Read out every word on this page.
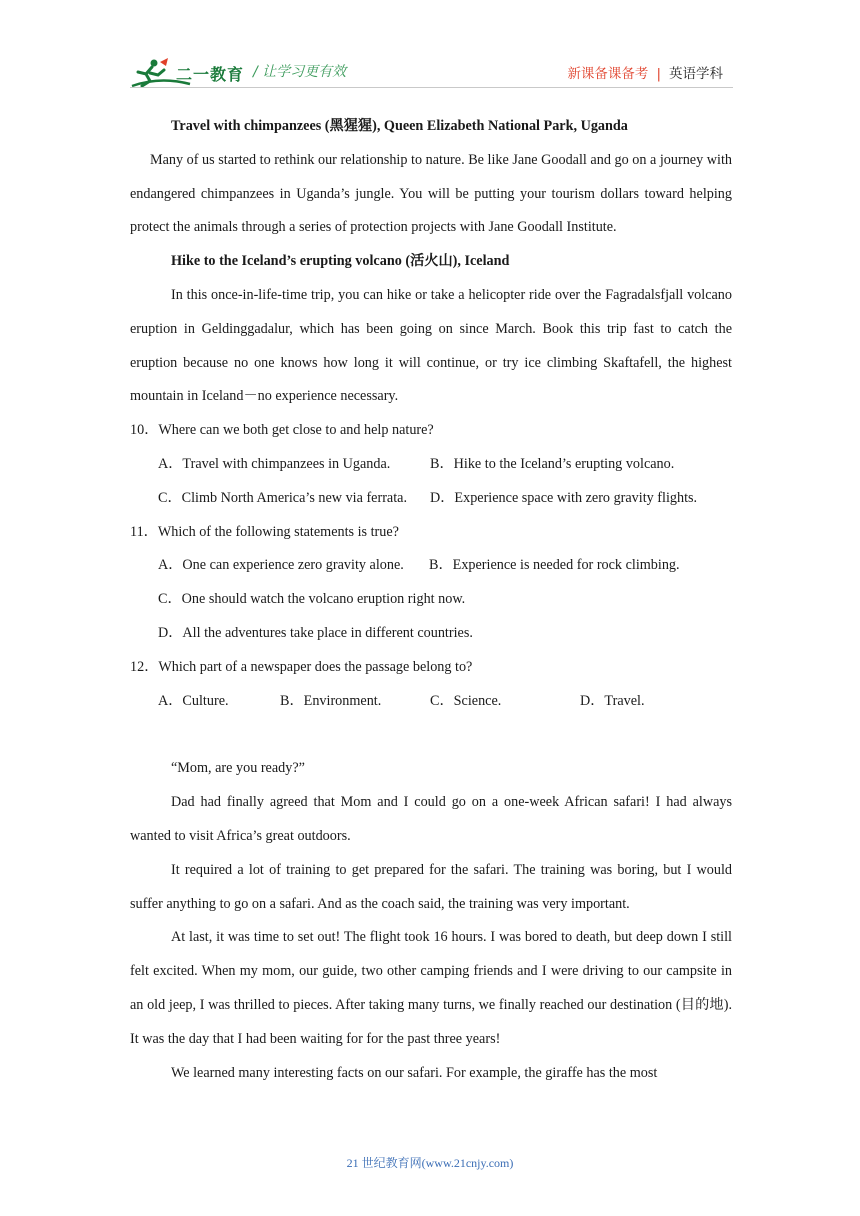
二一教育 / 让学习更有效	新课备课备考 | 英语学科

Travel with chimpanzees (黑猩猩), Queen Elizabeth National Park, Uganda

Many of us started to rethink our relationship to nature. Be like Jane Goodall and go on a journey with endangered chimpanzees in Uganda’s jungle. You will be putting your tourism dollars toward helping protect the animals through a series of protection projects with Jane Goodall Institute.

Hike to the Iceland’s erupting volcano (活火山), Iceland

In this once-in-life-time trip, you can hike or take a helicopter ride over the Fagradalsfjall volcano eruption in Geldinggadalur, which has been going on since March. Book this trip fast to catch the eruption because no one knows how long it will continue, or try ice climbing Skaftafell, the highest mountain in Iceland－no experience necessary.

10．Where can we both get close to and help nature?

A．Travel with chimpanzees in Uganda.	B．Hike to the Iceland’s erupting volcano.

C．Climb North America’s new via ferrata. D．Experience space with zero gravity flights.

11．Which of the following statements is true?

A．One can experience zero gravity alone. B．Experience is needed for rock climbing.

C．One should watch the volcano eruption right now.

D．All the adventures take place in different countries.

12．Which part of a newspaper does the passage belong to?

A．Culture.	B．Environment.	C．Science.	D．Travel.

“Mom, are you ready?”

Dad had finally agreed that Mom and I could go on a one-week African safari! I had always wanted to visit Africa’s great outdoors.

It required a lot of training to get prepared for the safari. The training was boring, but I would suffer anything to go on a safari. And as the coach said, the training was very important.

At last, it was time to set out! The flight took 16 hours. I was bored to death, but deep down I still felt excited. When my mom, our guide, two other camping friends and I were driving to our campsite in an old jeep, I was thrilled to pieces. After taking many turns, we finally reached our destination (目的地). It was the day that I had been waiting for for the past three years!

We learned many interesting facts on our safari. For example, the giraffe has the most

21 世纪教育网(www.21cnjy.com)
